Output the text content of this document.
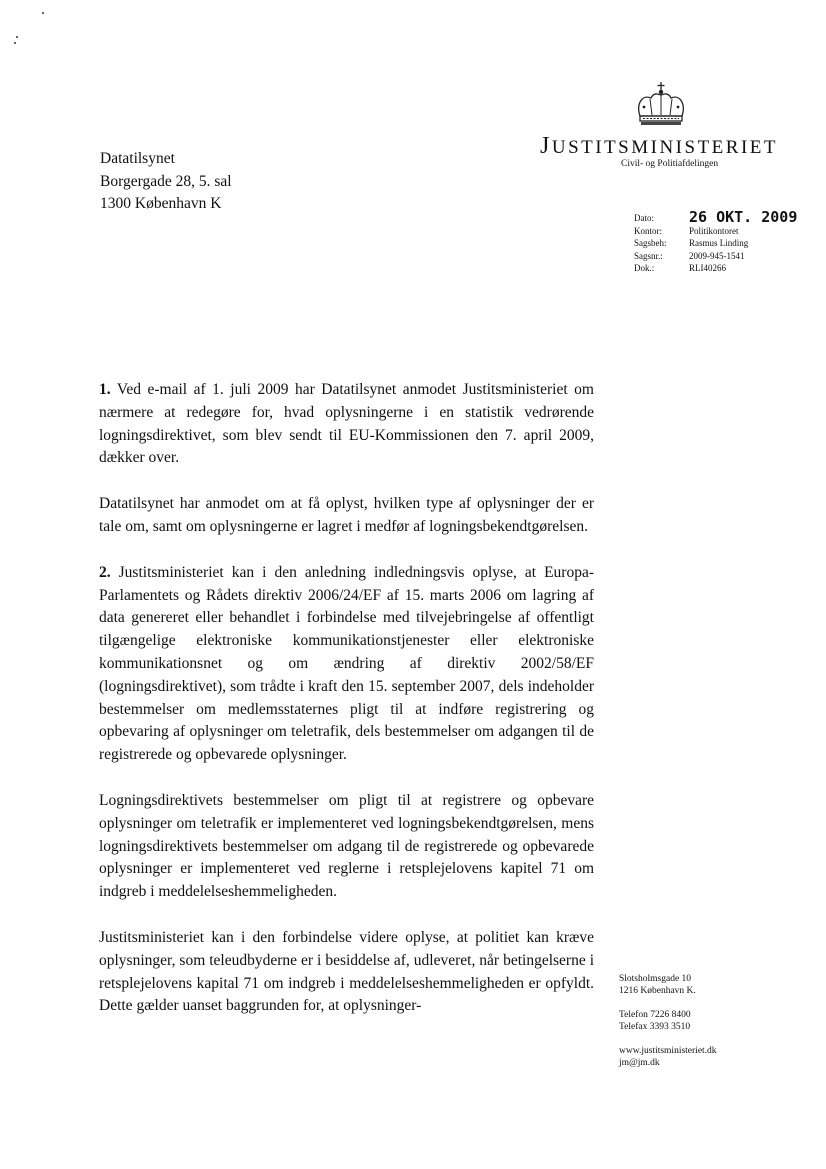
JUSTITSMINISTERIET
Civil- og Politiafdelingen
Datatilsynet
Borgergade 28, 5. sal
1300 København K
Dato:	26 OKT. 2009
Kontor:	Politikontoret
Sagsbeh:	Rasmus Linding
Sagsnr.:	2009-945-1541
Dok.:	RLI40266

1. Ved e-mail af 1. juli 2009 har Datatilsynet anmodet Justitsministeriet om nærmere at redegøre for, hvad oplysningerne i en statistik vedrørende logningsdirektivet, som blev sendt til EU-Kommissionen den 7. april 2009, dækker over.

Datatilsynet har anmodet om at få oplyst, hvilken type af oplysninger der er tale om, samt om oplysningerne er lagret i medfør af logningsbekendtgørelsen.

2. Justitsministeriet kan i den anledning indledningsvis oplyse, at Europa-Parlamentets og Rådets direktiv 2006/24/EF af 15. marts 2006 om lagring af data genereret eller behandlet i forbindelse med tilvejebringelse af offentligt tilgængelige elektroniske kommunikationstjenester eller elektroniske kommunikationsnet og om ændring af direktiv 2002/58/EF (logningsdirektivet), som trådte i kraft den 15. september 2007, dels indeholder bestemmelser om medlemsstaternes pligt til at indføre registrering og opbevaring af oplysninger om teletrafik, dels bestemmelser om adgangen til de registrerede og opbevarede oplysninger.

Logningsdirektivets bestemmelser om pligt til at registrere og opbevare oplysninger om teletrafik er implementeret ved logningsbekendtgørelsen, mens logningsdirektivets bestemmelser om adgang til de registrerede og opbevarede oplysninger er implementeret ved reglerne i retsplejelovens kapitel 71 om indgreb i meddelelseshemmeligheden.

Justitsministeriet kan i den forbindelse videre oplyse, at politiet kan kræve oplysninger, som teleudbyderne er i besiddelse af, udleveret, når betingelserne i retsplejelovens kapital 71 om indgreb i meddelelseshemmeligheden er opfyldt. Dette gælder uanset baggrunden for, at oplysninger-

Slotsholmsgade 10
1216 København K.
Telefon 7226 8400
Telefax 3393 3510
www.justitsministeriet.dk
jm@jm.dk
